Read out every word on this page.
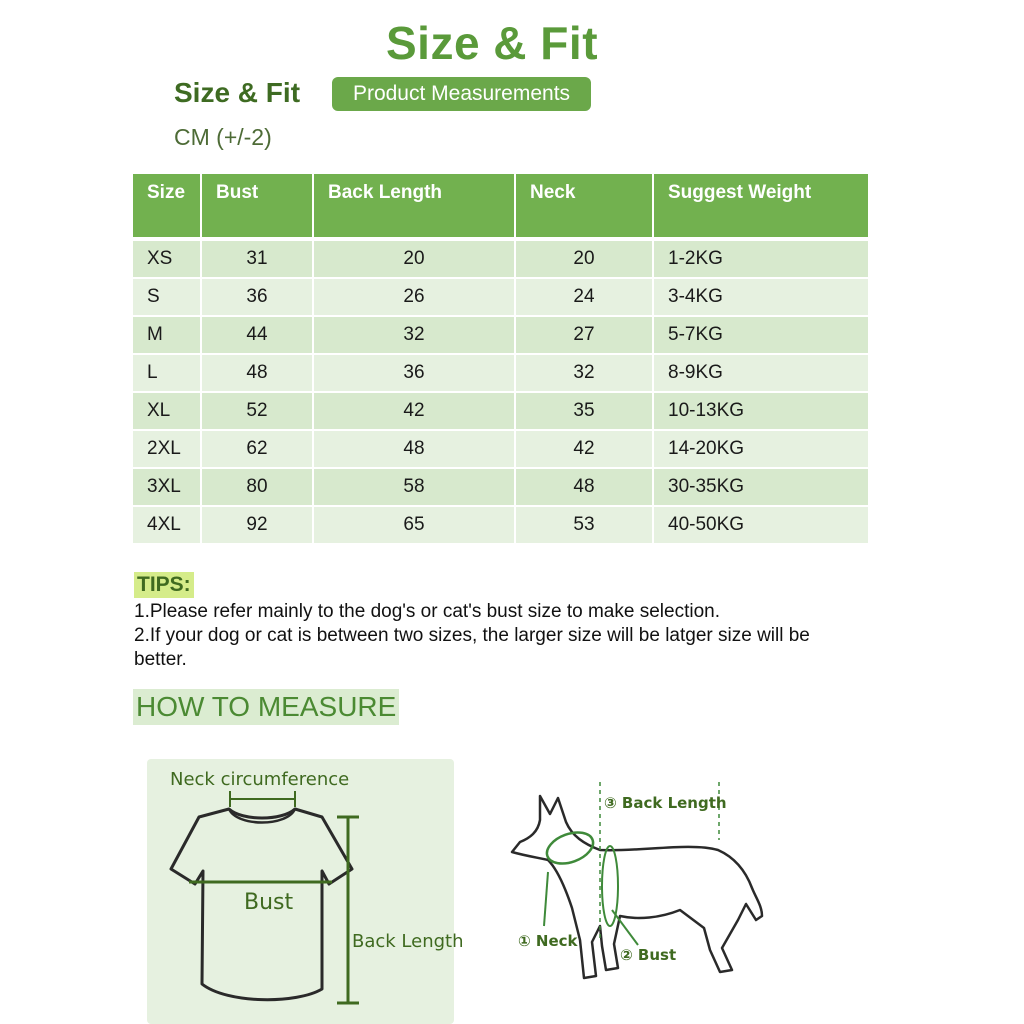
Size & Fit
Size & Fit	Product Measurements
CM (+/-2)
Size	Bust	Back Length	Neck	Suggest Weight
XS	31	20	20	1-2KG
S	36	26	24	3-4KG
M	44	32	27	5-7KG
L	48	36	32	8-9KG
XL	52	42	35	10-13KG
2XL	62	48	42	14-20KG
3XL	80	58	48	30-35KG
4XL	92	65	53	40-50KG
TIPS:
1.Please refer mainly to the dog's or cat's bust size to make selection.
2.If your dog or cat is between two sizes, the larger size will be latger size will be better.
HOW TO MEASURE
Neck circumference
Bust
Back Length
③ Back Length
① Neck
② Bust
